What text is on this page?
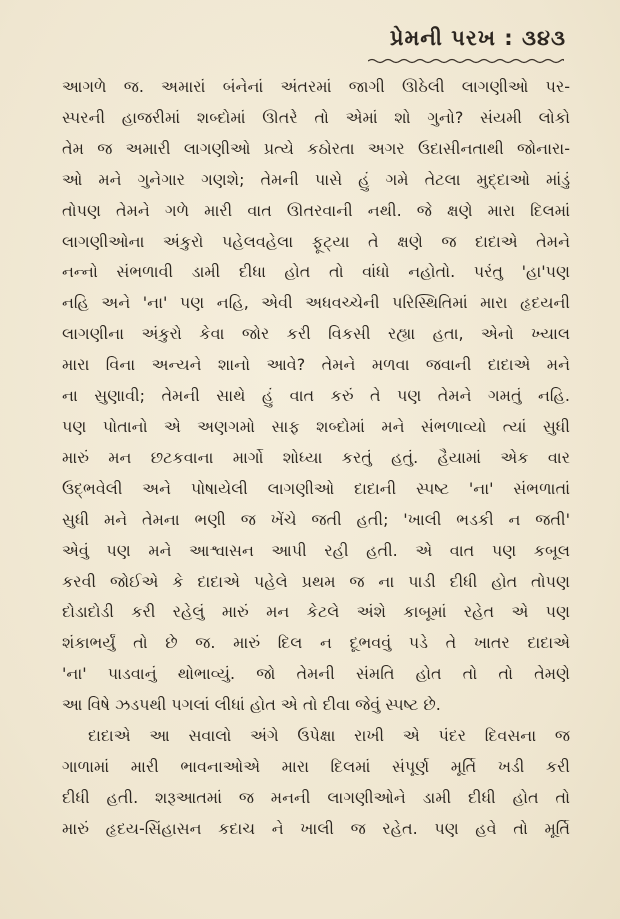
પ્રેમની પરખ : ૩૪૩
આગળે જ. અમારાં બંનેનાં અંતરમાં જાગી ઊઠેલી લાગણીઓ પર-
સ્પરની હાજરીમાં શબ્દોમાં ઊતરે તો એમાં શો ગુનો? સંયમી લોકો
તેમ જ અમારી લાગણીઓ પ્રત્યે કઠોરતા અગર ઉદાસીનતાથી જોનારા-
ઓ મને ગુનેગાર ગણશે; તેમની પાસે હું ગમે તેટલા મુદ્દાઓ માંડું
તોપણ તેમને ગળે મારી વાત ઊતરવાની નથી. જે ક્ષણે મારા દિલમાં
લાગણીઓના અંકુરો પહેલવહેલા ફૂટ્યા તે ક્ષણે જ દાદાએ તેમને
નન્નો સંભળાવી ડામી દીધા હોત તો વાંધો નહોતો. પરંતુ 'હા'પણ
નહિ અને 'ના' પણ નહિ, એવી અધવચ્ચેની પરિસ્થિતિમાં મારા હૃદયની
લાગણીના અંકુરો કેવા જોર કરી વિકસી રહ્યા હતા, એનો ખ્યાલ
મારા વિના અન્યને શાનો આવે? તેમને મળવા જવાની દાદાએ મને
ના સુણાવી; તેમની સાથે હું વાત કરું તે પણ તેમને ગમતું નહિ.
પણ પોતાનો એ અણગમો સાફ શબ્દોમાં મને સંભળાવ્યો ત્યાં સુધી
મારું મન છટકવાના માર્ગો શોધ્યા કરતું હતું. હૈયામાં એક વાર
ઉદ્ભવેલી અને પોષાયેલી લાગણીઓ દાદાની સ્પષ્ટ 'ના' સંભળાતાં
સુધી મને તેમના ભણી જ ખેંચે જતી હતી; 'ખાલી ભડકી ન જતી'
એવું પણ મને આશ્વાસન આપી રહી હતી. એ વાત પણ કબૂલ
કરવી જોઈએ કે દાદાએ પહેલે પ્રથમ જ ના પાડી દીધી હોત તોપણ
દોડાદોડી કરી રહેલું મારું મન કેટલે અંશે કાબૂમાં રહેત એ પણ
શંકાભર્યું તો છે જ. મારું દિલ ન દૂભવવું પડે તે ખાતર દાદાએ
'ના' પાડવાનું થોભાવ્યું. જો તેમની સંમતિ હોત તો તો તેમણે
આ વિષે ઝડપથી પગલાં લીધાં હોત એ તો દીવા જેવું સ્પષ્ટ છે.
દાદાએ આ સવાલો અંગે ઉપેક્ષા રાખી એ પંદર દિવસના જ
ગાળામાં મારી ભાવનાઓએ મારા દિલમાં સંપૂર્ણ મૂર્તિ ખડી કરી
દીધી હતી. શરૂઆતમાં જ મનની લાગણીઓને ડામી દીધી હોત તો
મારું હૃદય-સિંહાસન કદાચ ને ખાલી જ રહેત. પણ હવે તો મૂર્તિ
